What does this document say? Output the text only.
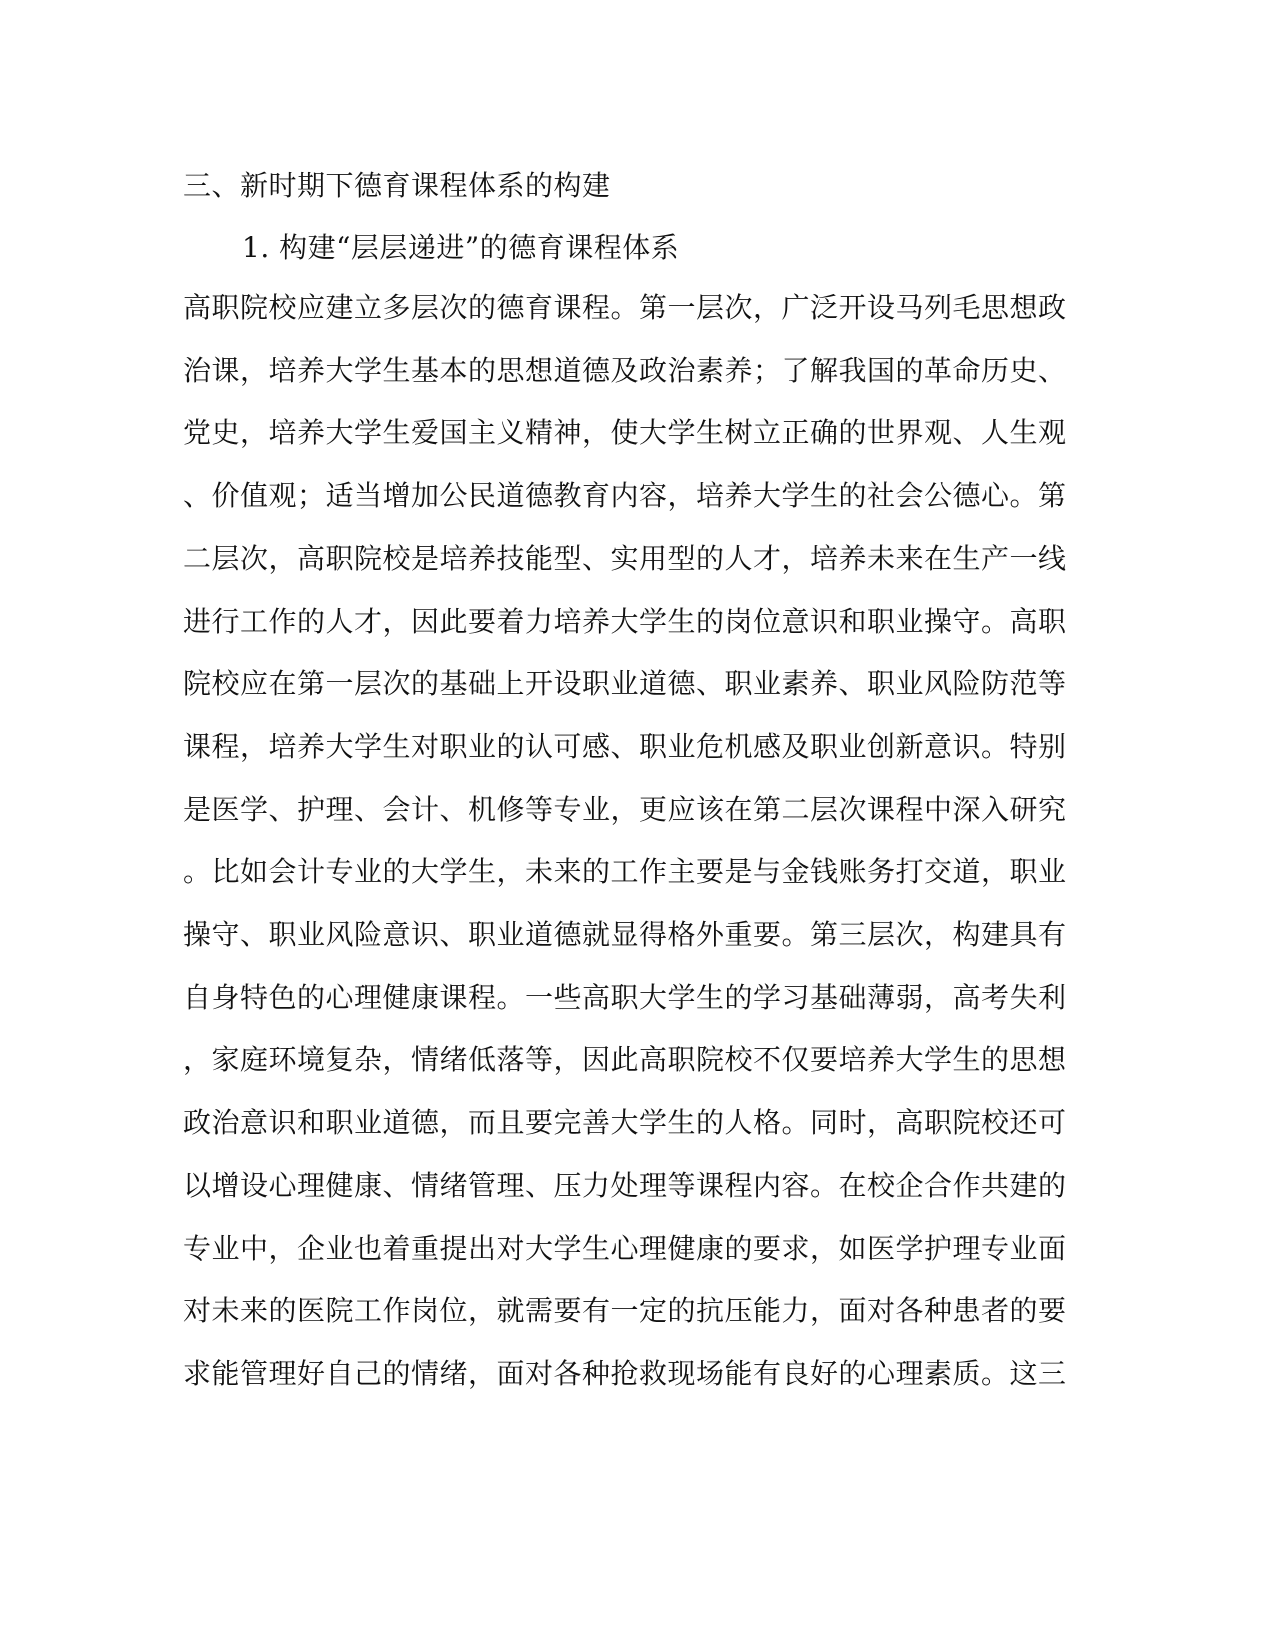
三、新时期下德育课程体系的构建
1. 构建“层层递进”的德育课程体系
高职院校应建立多层次的德育课程。第一层次，广泛开设马列毛思想政
治课，培养大学生基本的思想道德及政治素养；了解我国的革命历史、
党史，培养大学生爱国主义精神，使大学生树立正确的世界观、人生观
、价值观；适当增加公民道德教育内容，培养大学生的社会公德心。第
二层次，高职院校是培养技能型、实用型的人才，培养未来在生产一线
进行工作的人才，因此要着力培养大学生的岗位意识和职业操守。高职
院校应在第一层次的基础上开设职业道德、职业素养、职业风险防范等
课程，培养大学生对职业的认可感、职业危机感及职业创新意识。特别
是医学、护理、会计、机修等专业，更应该在第二层次课程中深入研究
。比如会计专业的大学生，未来的工作主要是与金钱账务打交道，职业
操守、职业风险意识、职业道德就显得格外重要。第三层次，构建具有
自身特色的心理健康课程。一些高职大学生的学习基础薄弱，高考失利
，家庭环境复杂，情绪低落等，因此高职院校不仅要培养大学生的思想
政治意识和职业道德，而且要完善大学生的人格。同时，高职院校还可
以增设心理健康、情绪管理、压力处理等课程内容。在校企合作共建的
专业中，企业也着重提出对大学生心理健康的要求，如医学护理专业面
对未来的医院工作岗位，就需要有一定的抗压能力，面对各种患者的要
求能管理好自己的情绪，面对各种抢救现场能有良好的心理素质。这三
